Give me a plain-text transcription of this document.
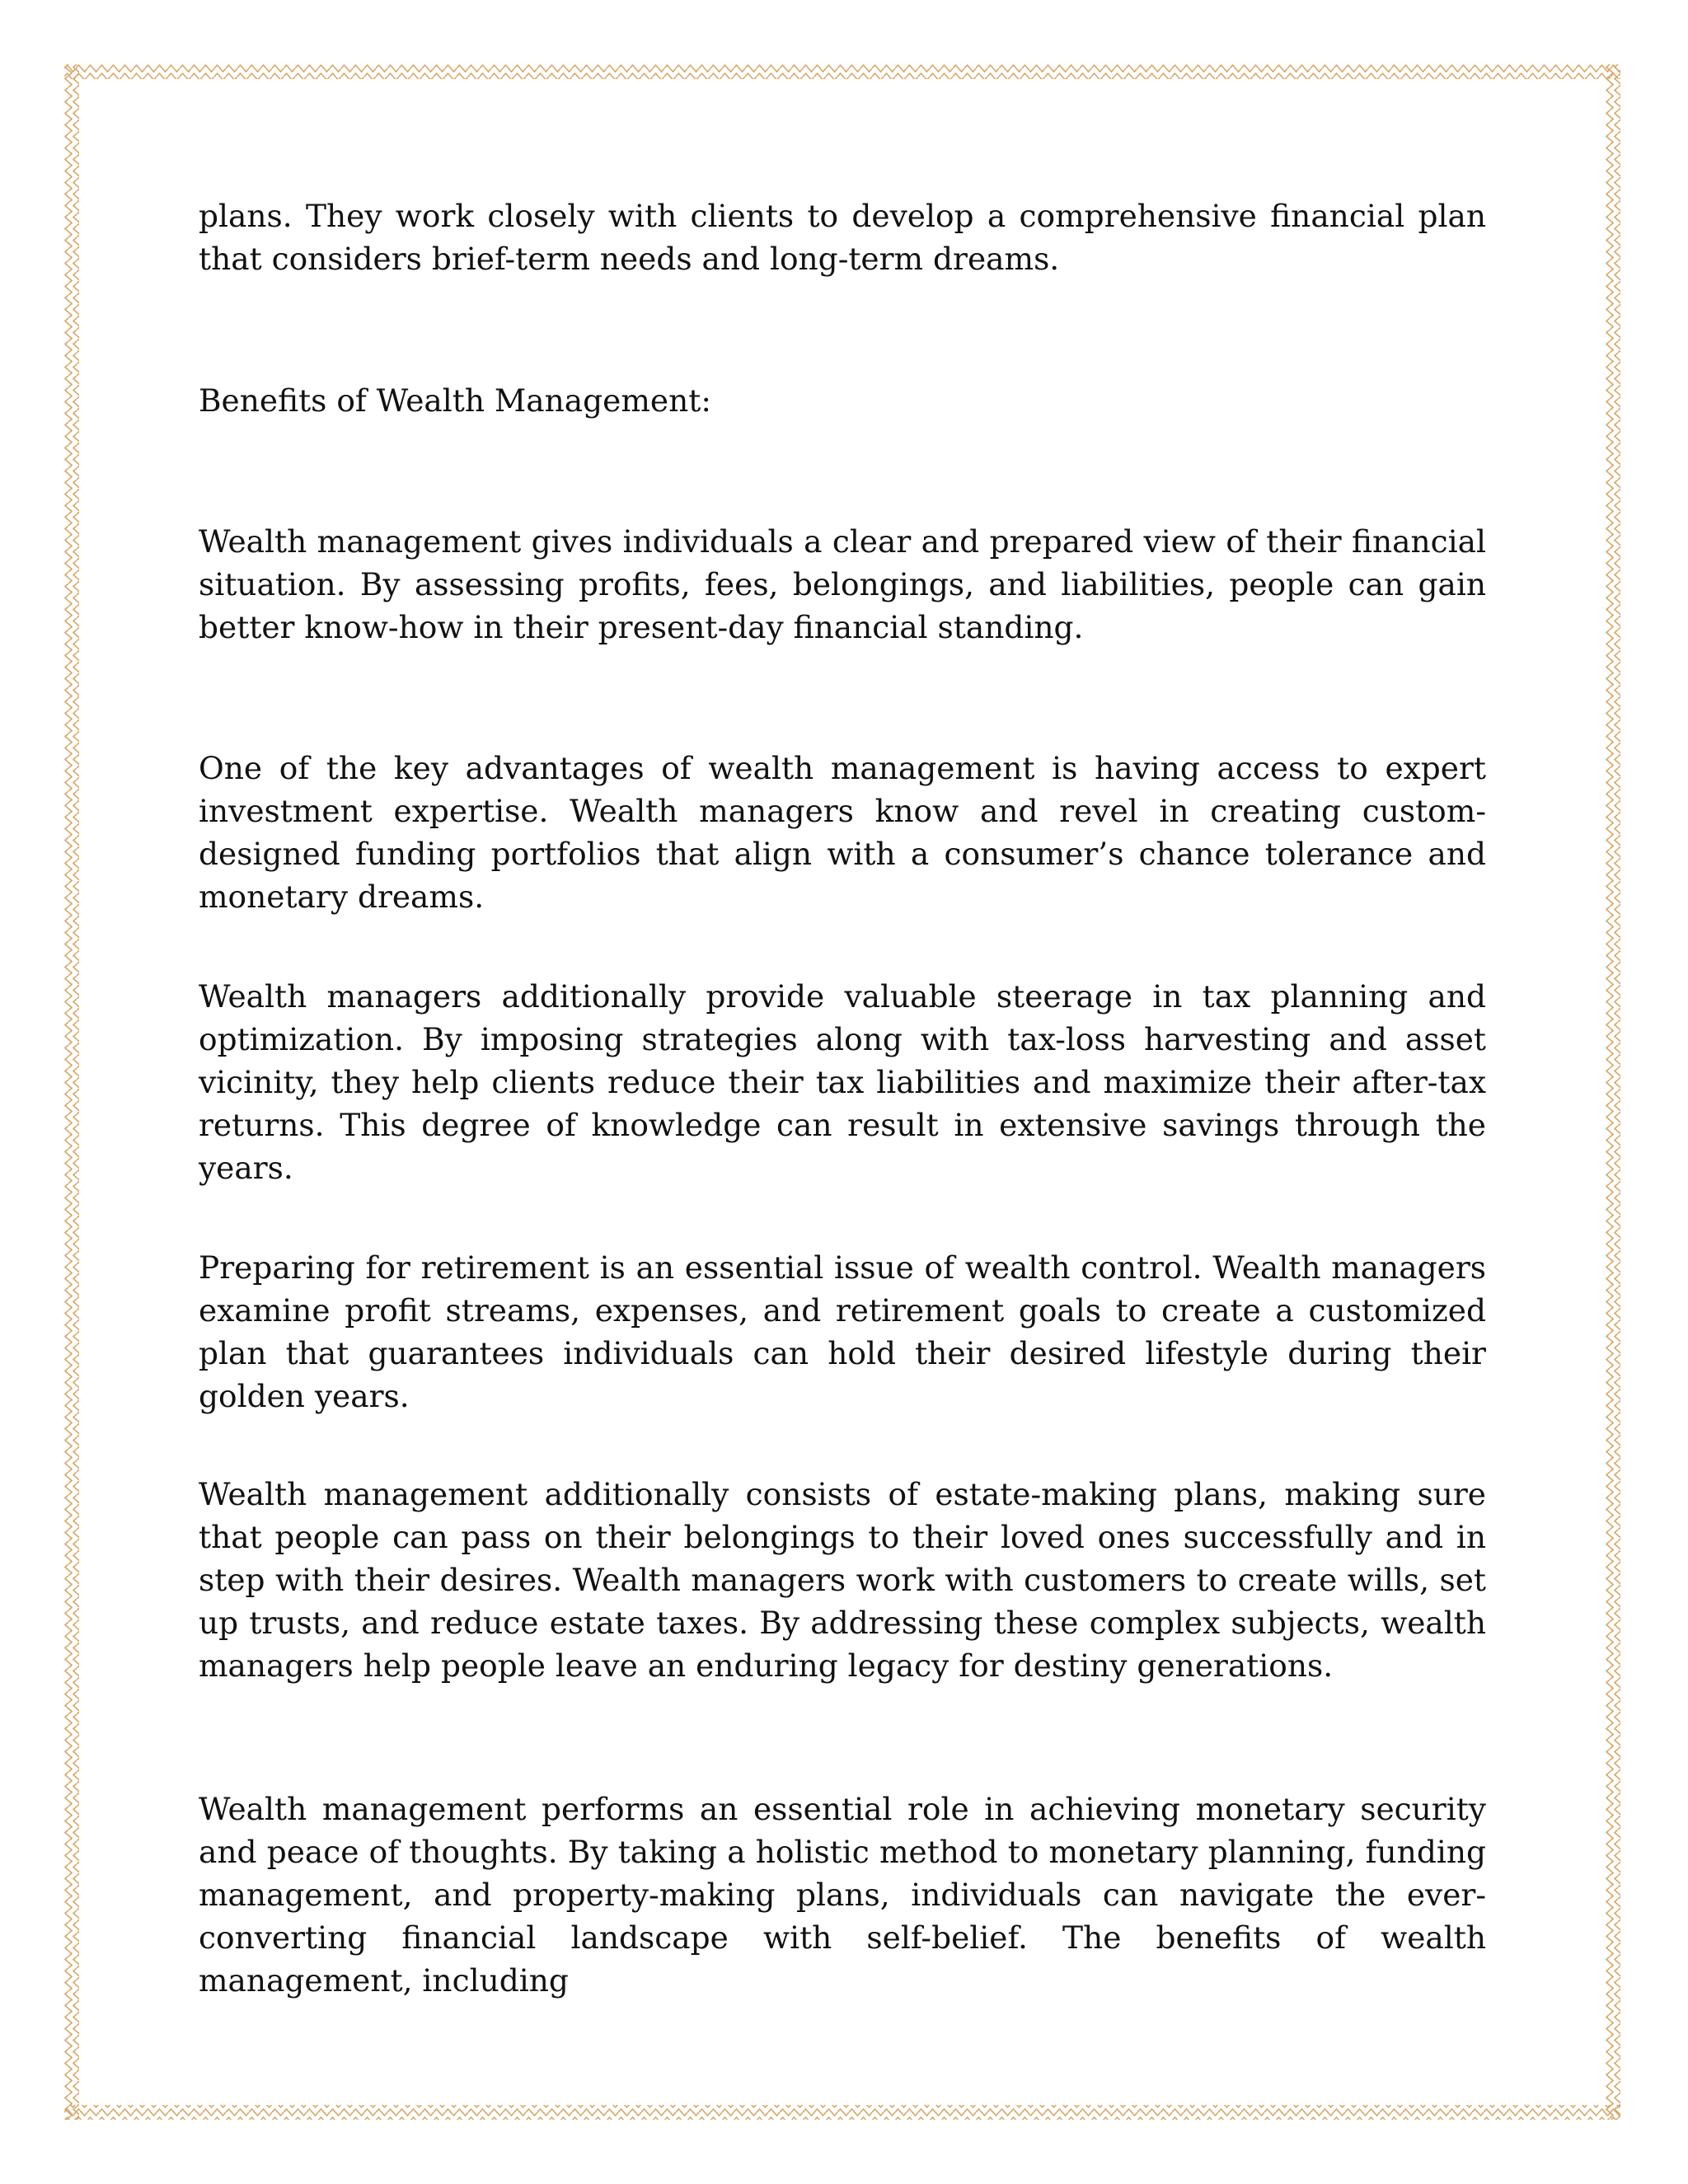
plans. They work closely with clients to develop a comprehensive financial plan that considers brief-term needs and long-term dreams.

Benefits of Wealth Management:

Wealth management gives individuals a clear and prepared view of their financial situation. By assessing profits, fees, belongings, and liabilities, people can gain better know-how in their present-day financial standing.

One of the key advantages of wealth management is having access to expert investment expertise. Wealth managers know and revel in creating custom-designed funding portfolios that align with a consumer’s chance tolerance and monetary dreams.

Wealth managers additionally provide valuable steerage in tax planning and optimization. By imposing strategies along with tax-loss harvesting and asset vicinity, they help clients reduce their tax liabilities and maximize their after-tax returns. This degree of knowledge can result in extensive savings through the years.

Preparing for retirement is an essential issue of wealth control. Wealth managers examine profit streams, expenses, and retirement goals to create a customized plan that guarantees individuals can hold their desired lifestyle during their golden years.

Wealth management additionally consists of estate-making plans, making sure that people can pass on their belongings to their loved ones successfully and in step with their desires. Wealth managers work with customers to create wills, set up trusts, and reduce estate taxes. By addressing these complex subjects, wealth managers help people leave an enduring legacy for destiny generations.

Wealth management performs an essential role in achieving monetary security and peace of thoughts. By taking a holistic method to monetary planning, funding management, and property-making plans, individuals can navigate the ever-converting financial landscape with self-belief. The benefits of wealth management, including
